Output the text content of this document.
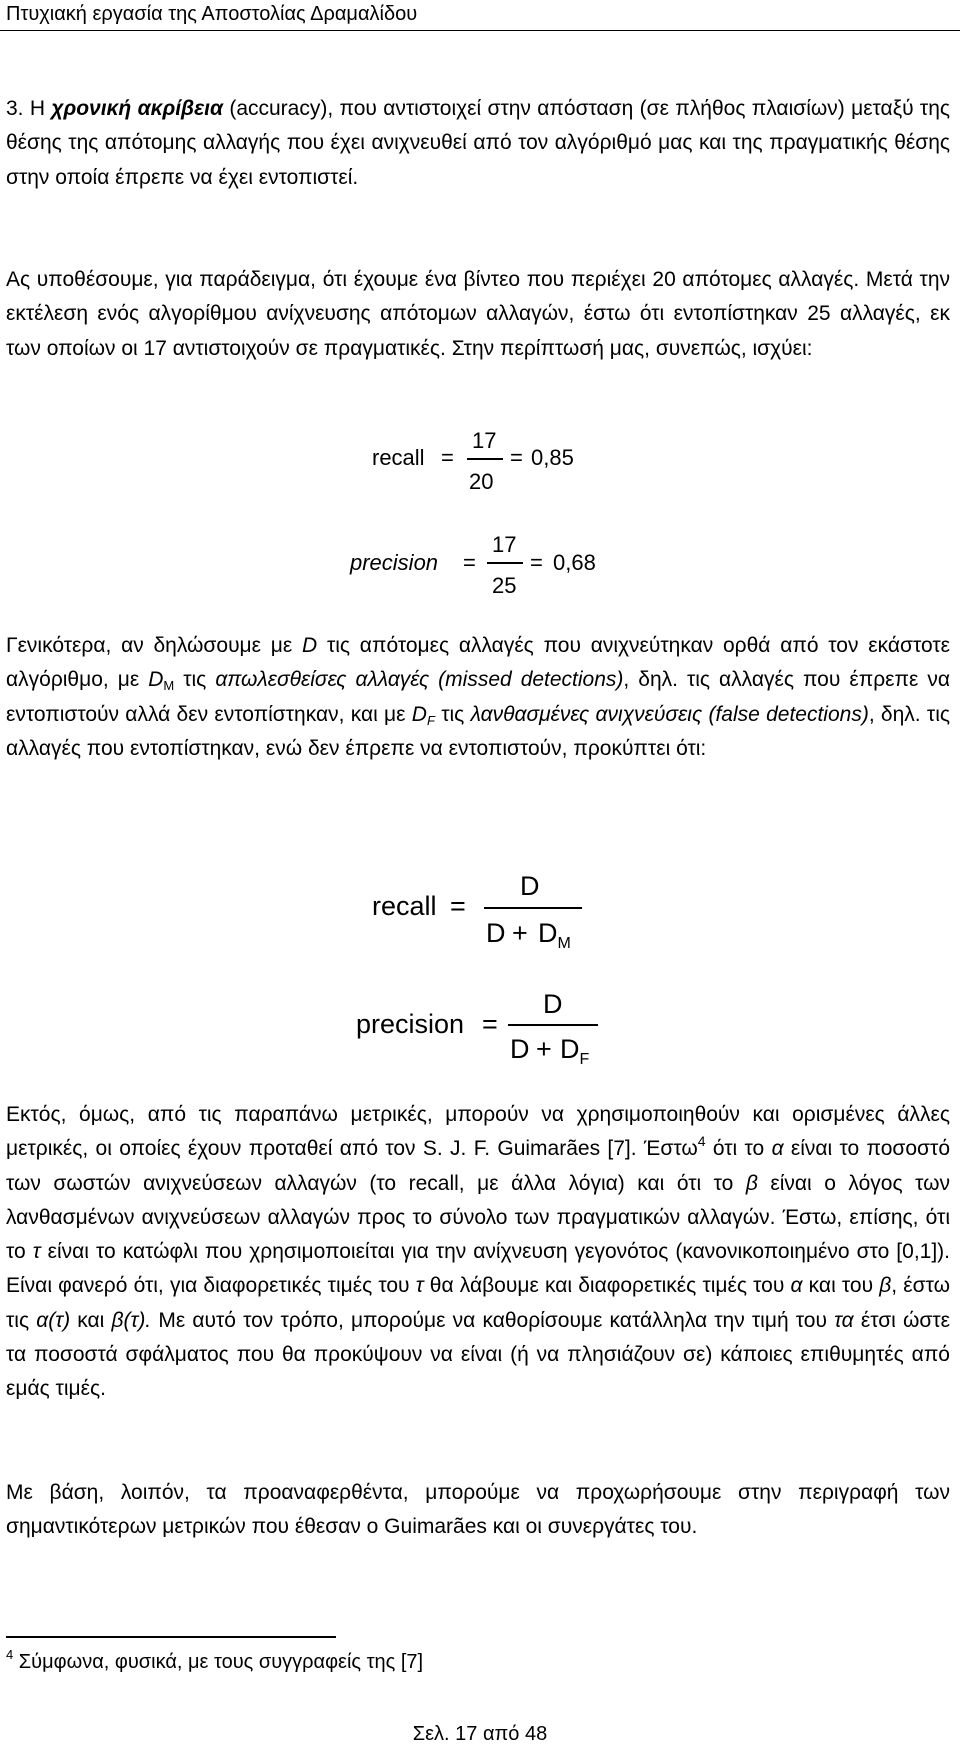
Πτυχιακή εργασία της Αποστολίας Δραμαλίδου

3. Η χρονική ακρίβεια (accuracy), που αντιστοιχεί στην απόσταση (σε πλήθος πλαισίων) μεταξύ της θέσης της απότομης αλλαγής που έχει ανιχνευθεί από τον αλγόριθμό μας και της πραγματικής θέσης στην οποία έπρεπε να έχει εντοπιστεί.

Ας υποθέσουμε, για παράδειγμα, ότι έχουμε ένα βίντεο που περιέχει 20 απότομες αλλαγές. Μετά την εκτέλεση ενός αλγορίθμου ανίχνευσης απότομων αλλαγών, έστω ότι εντοπίστηκαν 25 αλλαγές, εκ των οποίων οι 17 αντιστοιχούν σε πραγματικές. Στην περίπτωσή μας, συνεπώς, ισχύει:

recall =
17
20
= 0,85
precision =
17
25
= 0,68

Γενικότερα, αν δηλώσουμε με D τις απότομες αλλαγές που ανιχνεύτηκαν ορθά από τον εκάστοτε αλγόριθμο, με $D_M$ τις απωλεσθείσες αλλαγές (missed detections), δηλ. τις αλλαγές που έπρεπε να εντοπιστούν αλλά δεν εντοπίστηκαν, και με $D_F$ τις λανθασμένες ανιχνεύσεις (false detections), δηλ. τις αλλαγές που εντοπίστηκαν, ενώ δεν έπρεπε να εντοπιστούν, προκύπτει ότι:

recall =
D
$D + D_M$
precision =
D
$D + D_F$

Εκτός, όμως, από τις παραπάνω μετρικές, μπορούν να χρησιμοποιηθούν και ορισμένες άλλες μετρικές, οι οποίες έχουν προταθεί από τον S. J. F. Guimarães [7]. Έστω$^4$ ότι το α είναι το ποσοστό των σωστών ανιχνεύσεων αλλαγών (το recall, με άλλα λόγια) και ότι το β είναι ο λόγος των λανθασμένων ανιχνεύσεων αλλαγών προς το σύνολο των πραγματικών αλλαγών. Έστω, επίσης, ότι το τ είναι το κατώφλι που χρησιμοποιείται για την ανίχνευση γεγονότος (κανονικοποιημένο στο [0,1]). Είναι φανερό ότι, για διαφορετικές τιμές του τ θα λάβουμε και διαφορετικές τιμές του α και του β, έστω τις α(τ) και β(τ). Με αυτό τον τρόπο, μπορούμε να καθορίσουμε κατάλληλα την τιμή του τα έτσι ώστε τα ποσοστά σφάλματος που θα προκύψουν να είναι (ή να πλησιάζουν σε) κάποιες επιθυμητές από εμάς τιμές.

Με βάση, λοιπόν, τα προαναφερθέντα, μπορούμε να προχωρήσουμε στην περιγραφή των σημαντικότερων μετρικών που έθεσαν ο Guimarães και οι συνεργάτες του.

$^4$ Σύμφωνα, φυσικά, με τους συγγραφείς της [7]
Σελ. 17 από 48
